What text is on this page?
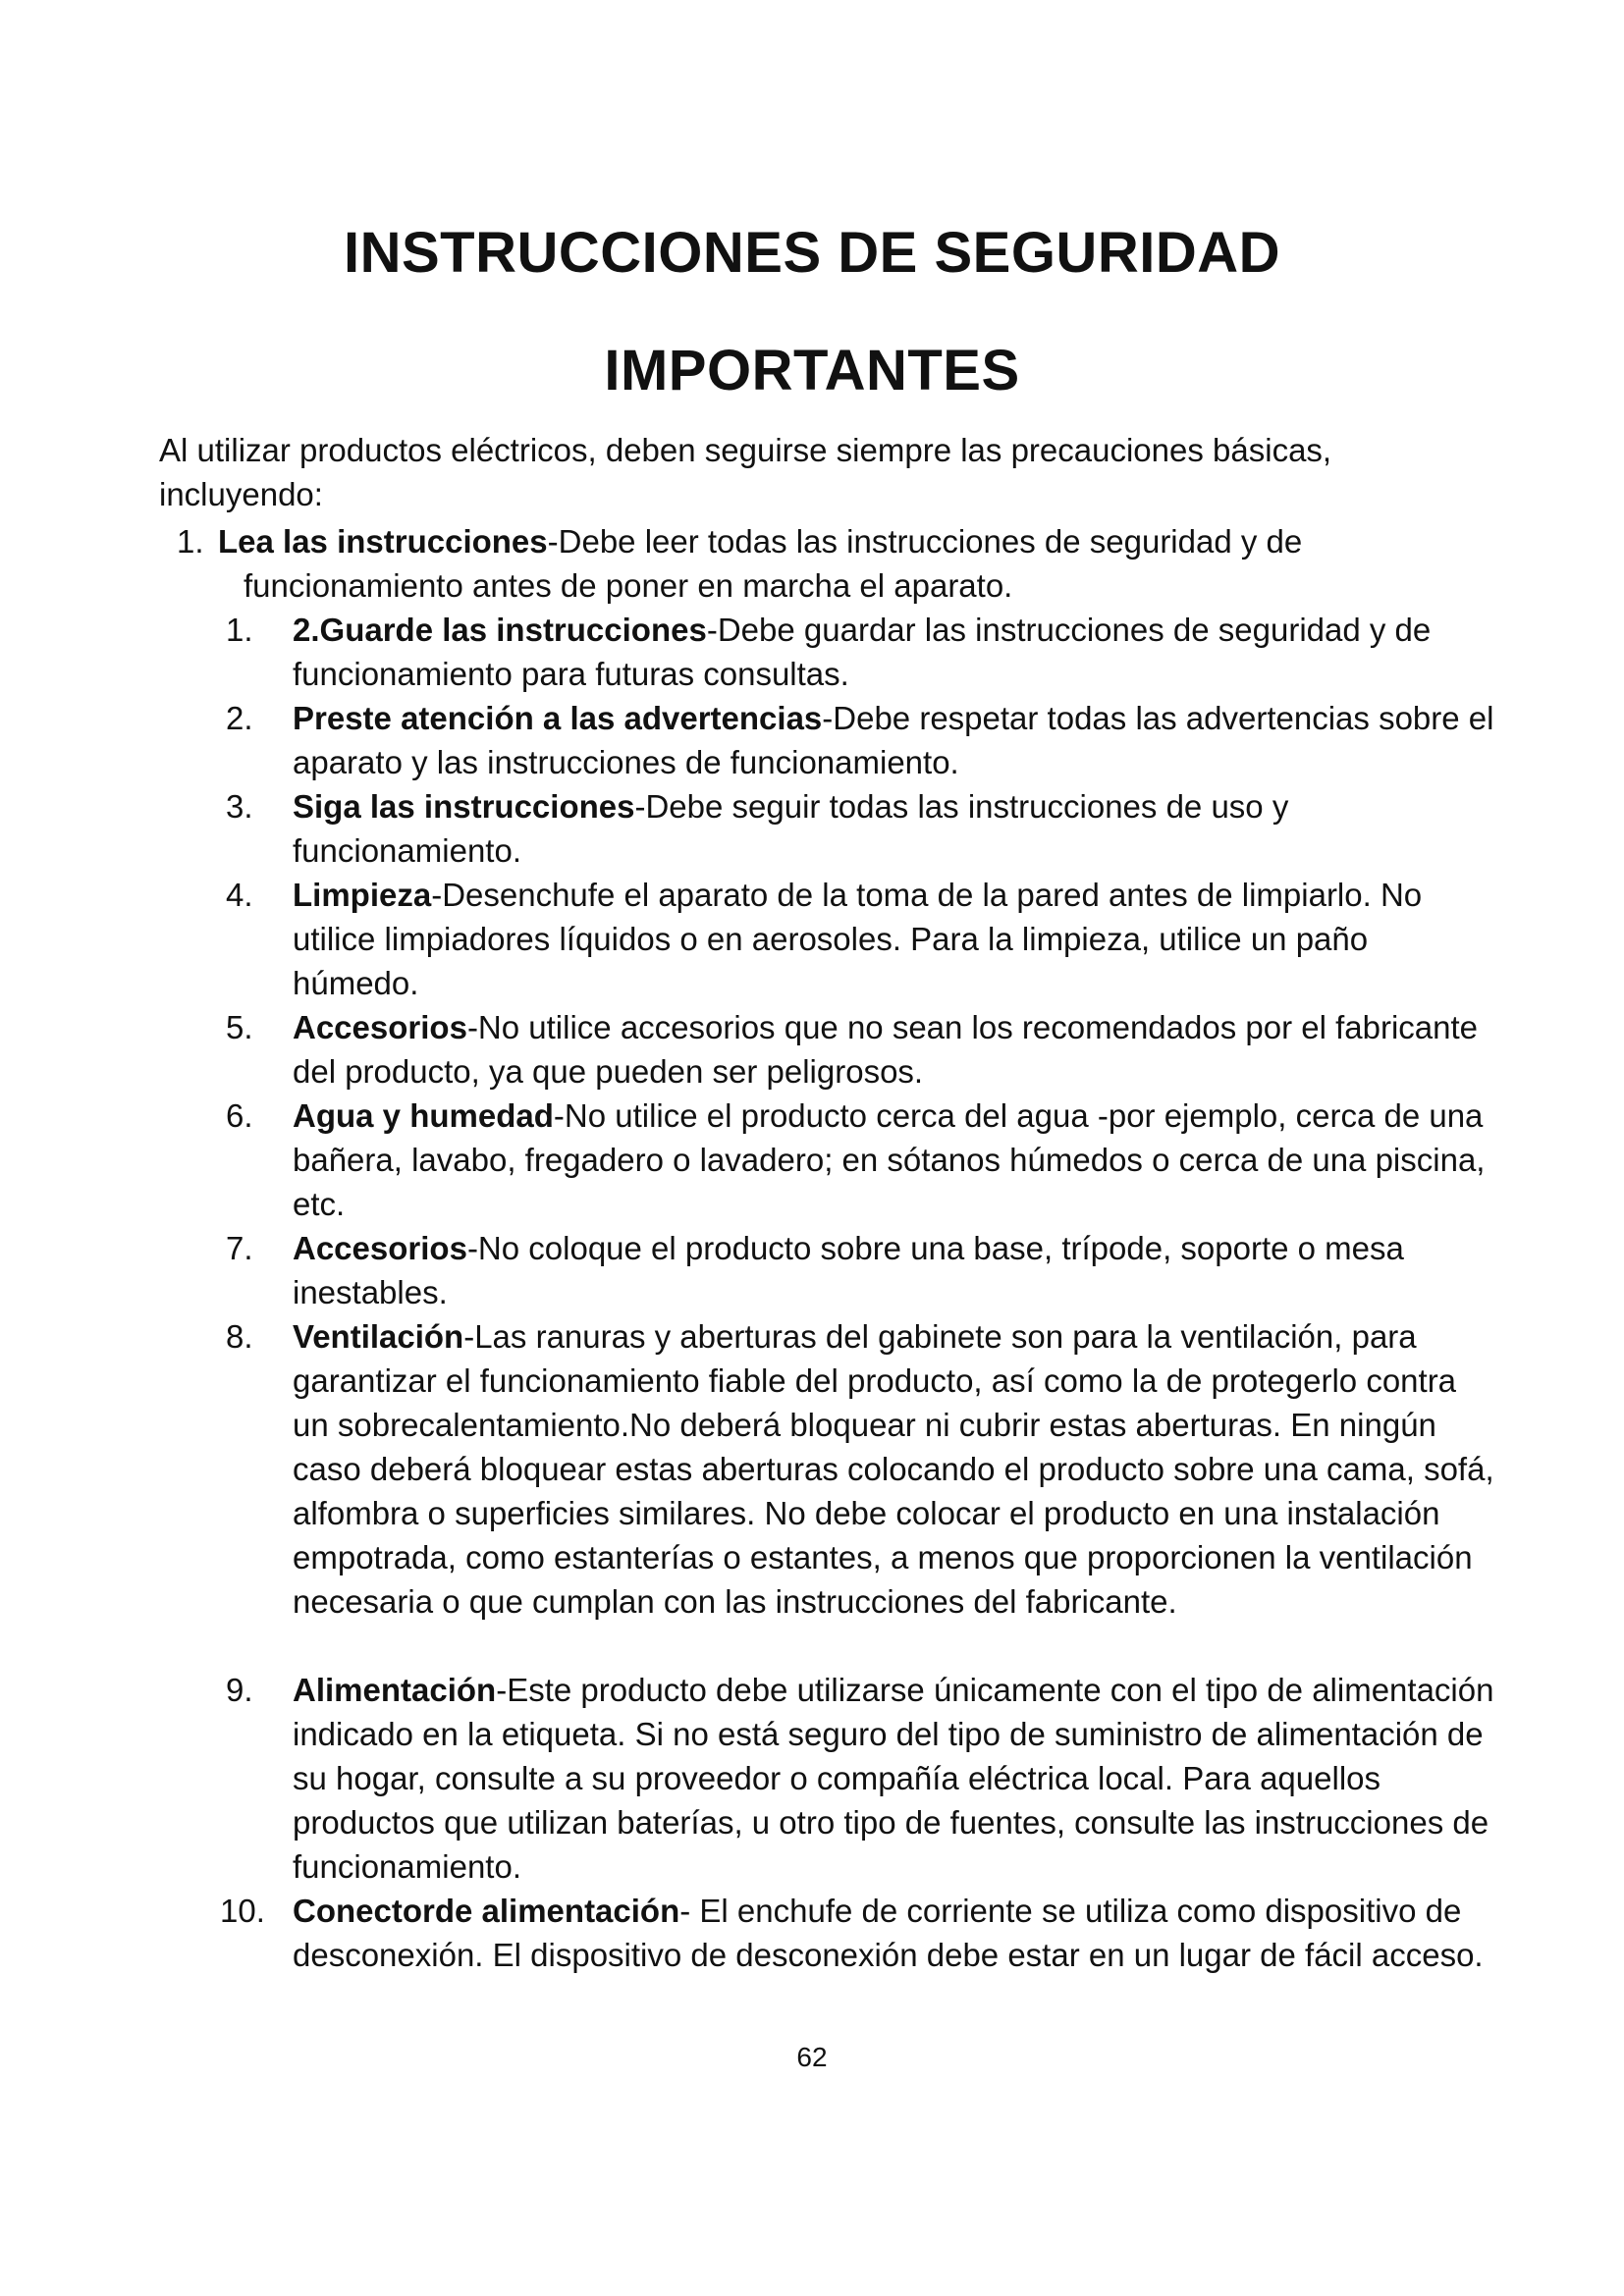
INSTRUCCIONES DE SEGURIDAD
IMPORTANTES

Al utilizar productos eléctricos, deben seguirse siempre las precauciones básicas, incluyendo:

1. Lea las instrucciones-Debe leer todas las instrucciones de seguridad y de
funcionamiento antes de poner en marcha el aparato.
1.	2.Guarde las instrucciones-Debe guardar las instrucciones de seguridad y de funcionamiento para futuras consultas.
2.	Preste atención a las advertencias-Debe respetar todas las advertencias sobre el aparato y las instrucciones de funcionamiento.
3.	Siga las instrucciones-Debe seguir todas las instrucciones de uso y funcionamiento.
4.	Limpieza-Desenchufe el aparato de la toma de la pared antes de limpiarlo. No utilice limpiadores líquidos o en aerosoles. Para la limpieza, utilice un paño húmedo.
5.	Accesorios-No utilice accesorios que no sean los recomendados por el fabricante del producto, ya que pueden ser peligrosos.
6.	Agua y humedad-No utilice el producto cerca del agua -por ejemplo, cerca de una bañera, lavabo, fregadero o lavadero; en sótanos húmedos o cerca de una piscina, etc.
7.	Accesorios-No coloque el producto sobre una base, trípode, soporte o mesa inestables.
8.	Ventilación-Las ranuras y aberturas del gabinete son para la ventilación, para garantizar el funcionamiento fiable del producto, así como la de protegerlo contra un sobrecalentamiento.No deberá bloquear ni cubrir estas aberturas. En ningún caso deberá bloquear estas aberturas colocando el producto sobre una cama, sofá, alfombra o superficies similares. No debe colocar el producto en una instalación empotrada, como estanterías o estantes, a menos que proporcionen la ventilación necesaria o que cumplan con las instrucciones del fabricante.
9.	Alimentación-Este producto debe utilizarse únicamente con el tipo de alimentación indicado en la etiqueta. Si no está seguro del tipo de suministro de alimentación de su hogar, consulte a su proveedor o compañía eléctrica local. Para aquellos productos que utilizan baterías, u otro tipo de fuentes, consulte las instrucciones de funcionamiento.
10. Conectorde alimentación- El enchufe de corriente se utiliza como dispositivo de desconexión. El dispositivo de desconexión debe estar en un lugar de fácil acceso.
62
